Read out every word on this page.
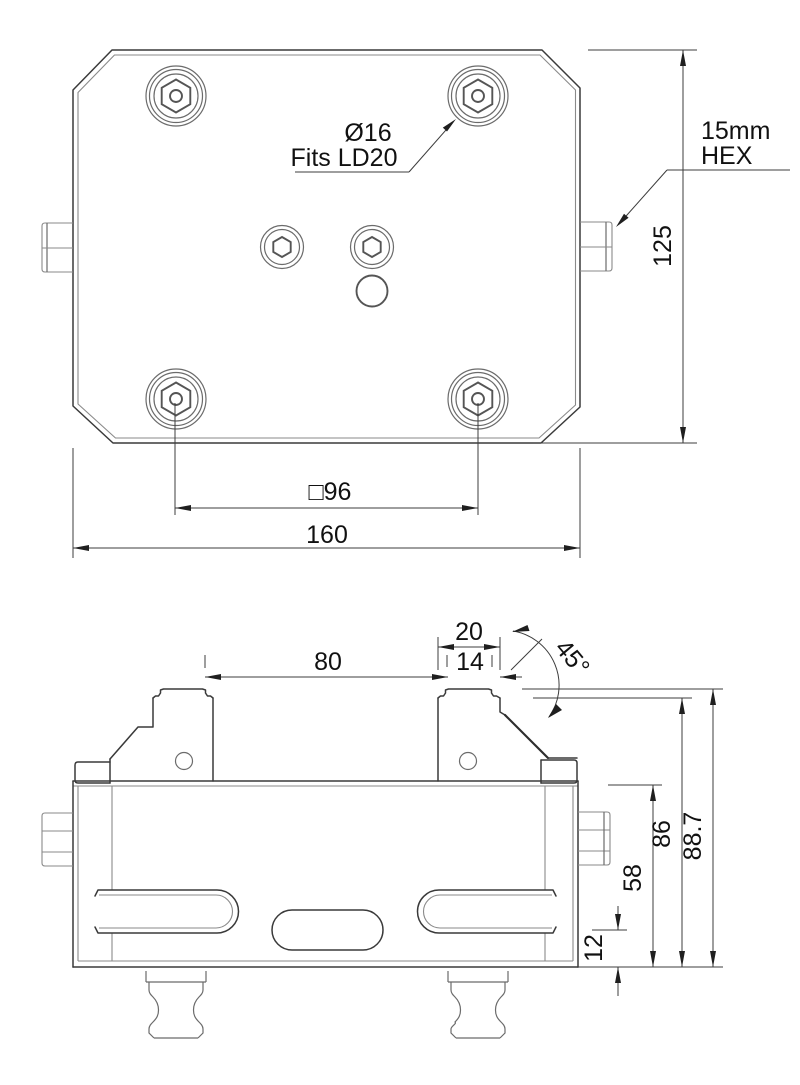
Ø16
Fits LD20
15mm
HEX
125
□96
160
80
20
14	45°
12
58
86 88.7
